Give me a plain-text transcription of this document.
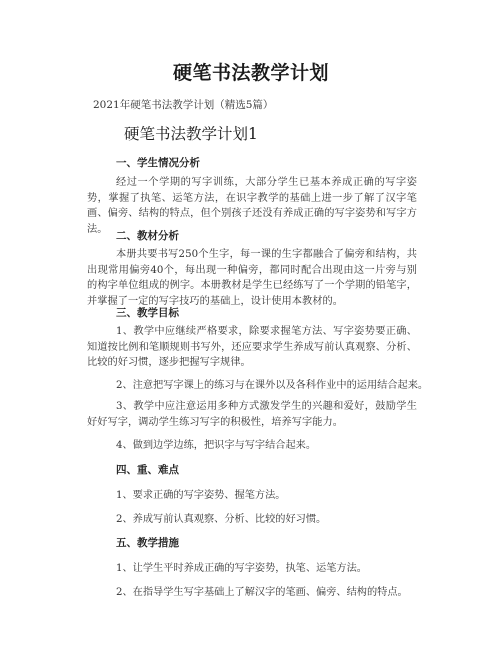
硬笔书法教学计划
2021年硬笔书法教学计划（精选5篇）
硬笔书法教学计划1
一、学生情况分析
经过一个学期的写字训练，大部分学生已基本养成正确的写字姿势，掌握了执笔、运笔方法，在识字教学的基础上进一步了解了汉字笔画、偏旁、结构的特点，但个别孩子还没有养成正确的写字姿势和写字方法。
二、教材分析
本册共要书写250个生字，每一课的生字都融合了偏旁和结构，共出现常用偏旁40个，每出现一种偏旁，都同时配合出现由这一片旁与别的构字单位组成的例字。本册教材是学生已经练写了一个学期的铅笔字，并掌握了一定的写字技巧的基础上，设计使用本教材的。
三、教学目标
1、教学中应继续严格要求，除要求握笔方法、写字姿势要正确、知道按比例和笔顺规则书写外，还应要求学生养成写前认真观察、分析、比较的好习惯，逐步把握写字规律。
2、注意把写字课上的练习与在课外以及各科作业中的运用结合起来。
3、教学中应注意运用多种方式激发学生的兴趣和爱好，鼓励学生好好写字，调动学生练习写字的积极性，培养写字能力。
4、做到边学边练，把识字与写字结合起来。
四、重、难点
1、要求正确的写字姿势、握笔方法。
2、养成写前认真观察、分析、比较的好习惯。
五、教学措施
1、让学生平时养成正确的写字姿势，执笔、运笔方法。
2、在指导学生写字基础上了解汉字的笔画、偏旁、结构的特点。
